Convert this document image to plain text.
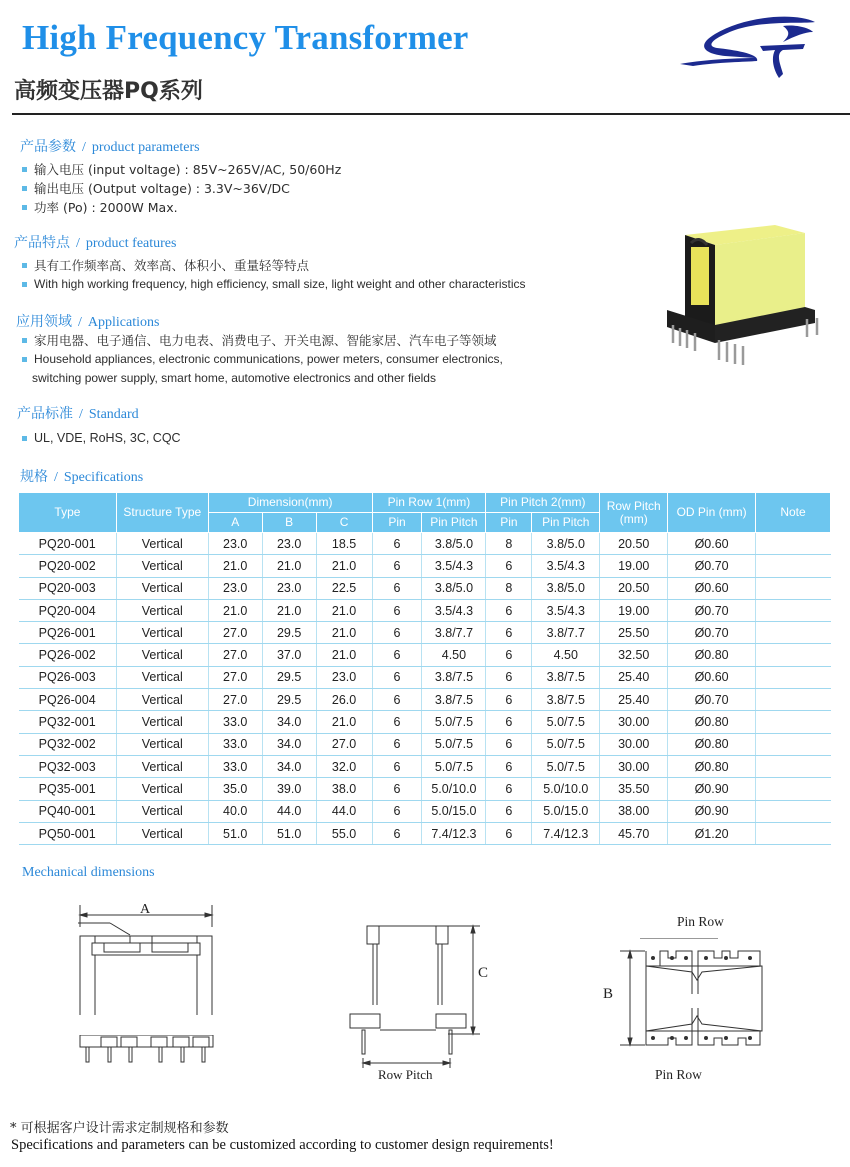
High Frequency Transformer
高频变压器PQ系列
产品参数 / product parameters
输入电压 (input voltage) : 85V~265V/AC, 50/60Hz
输出电压 (Output voltage) : 3.3V~36V/DC
功率 (Po) : 2000W Max.
产品特点 / product features
具有工作频率高、效率高、体积小、重量轻等特点
With high working frequency, high efficiency, small size, light weight and other characteristics
应用领域 / Applications
家用电器、电子通信、电力电表、消费电子、开关电源、智能家居、汽车电子等领域
Household appliances, electronic communications, power meters, consumer electronics,
switching power supply, smart home, automotive electronics and other fields
产品标准 / Standard
UL, VDE, RoHS, 3C, CQC
规格 / Specifications
Type	Structure Type	Dimension(mm)			Pin Row 1(mm)		Pin Pitch 2(mm)		Row Pitch (mm)	OD Pin (mm)	Note
		A	B	C	Pin	Pin Pitch	Pin	Pin Pitch			
PQ20-001	Vertical	23.0	23.0	18.5	6	3.8/5.0	8	3.8/5.0	20.50	Ø0.60	
PQ20-002	Vertical	21.0	21.0	21.0	6	3.5/4.3	6	3.5/4.3	19.00	Ø0.70	
PQ20-003	Vertical	23.0	23.0	22.5	6	3.8/5.0	8	3.8/5.0	20.50	Ø0.60	
PQ20-004	Vertical	21.0	21.0	21.0	6	3.5/4.3	6	3.5/4.3	19.00	Ø0.70	
PQ26-001	Vertical	27.0	29.5	21.0	6	3.8/7.7	6	3.8/7.7	25.50	Ø0.70	
PQ26-002	Vertical	27.0	37.0	21.0	6	4.50	6	4.50	32.50	Ø0.80	
PQ26-003	Vertical	27.0	29.5	23.0	6	3.8/7.5	6	3.8/7.5	25.40	Ø0.60	
PQ26-004	Vertical	27.0	29.5	26.0	6	3.8/7.5	6	3.8/7.5	25.40	Ø0.70	
PQ32-001	Vertical	33.0	34.0	21.0	6	5.0/7.5	6	5.0/7.5	30.00	Ø0.80	
PQ32-002	Vertical	33.0	34.0	27.0	6	5.0/7.5	6	5.0/7.5	30.00	Ø0.80	
PQ32-003	Vertical	33.0	34.0	32.0	6	5.0/7.5	6	5.0/7.5	30.00	Ø0.80	
PQ35-001	Vertical	35.0	39.0	38.0	6	5.0/10.0	6	5.0/10.0	35.50	Ø0.90	
PQ40-001	Vertical	40.0	44.0	44.0	6	5.0/15.0	6	5.0/15.0	38.00	Ø0.90	
PQ50-001	Vertical	51.0	51.0	55.0	6	7.4/12.3	6	7.4/12.3	45.70	Ø1.20	
Mechanical dimensions
A
C
Row Pitch
Pin Row
B
Pin Row
* 可根据客户设计需求定制规格和参数
Specifications and parameters can be customized according to customer design requirements!
